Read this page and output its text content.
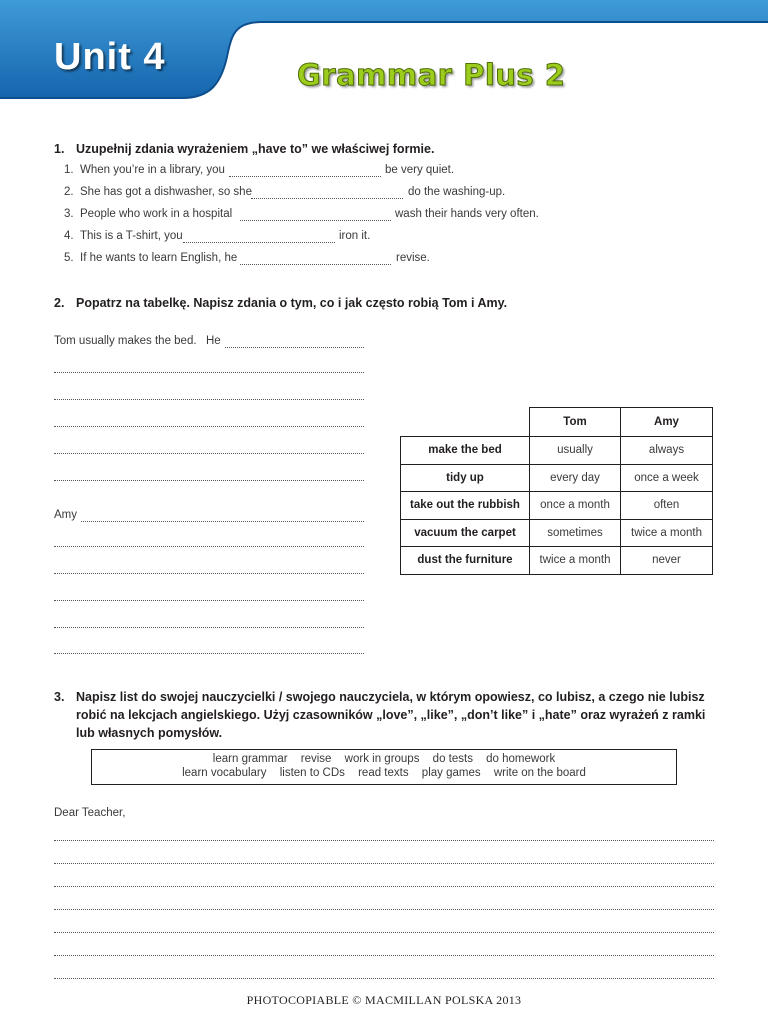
Unit 4	Grammar Plus 2
1. Uzupełnij zdania wyrażeniem „have to” we właściwej formie.
1. When you’re in a library, you	be very quiet.
2. She has got a dishwasher, so she	do the washing-up.
3. People who work in a hospital	wash their hands very often.
4. This is a T-shirt, you	iron it.
5. If he wants to learn English, he	revise.
2. Popatrz na tabelkę. Napisz zdania o tym, co i jak często robią Tom i Amy.
Tom usually makes the bed. He
Amy
	Tom	Amy
make the bed	usually	always
tidy up	every day	once a week
take out the rubbish	once a month	often
vacuum the carpet	sometimes	twice a month
dust the furniture	twice a month	never
3. Napisz list do swojej nauczycielki / swojego nauczyciela, w którym opowiesz, co lubisz, a czego nie lubisz robić na lekcjach angielskiego. Użyj czasowników „love”, „like”, „don’t like” i „hate” oraz wyrażeń z ramki lub własnych pomysłów.
learn grammar revise work in groups do tests do homework
learn vocabulary listen to CDs read texts play games write on the board
Dear Teacher,
PHOTOCOPIABLE © MACMILLAN POLSKA 2013
